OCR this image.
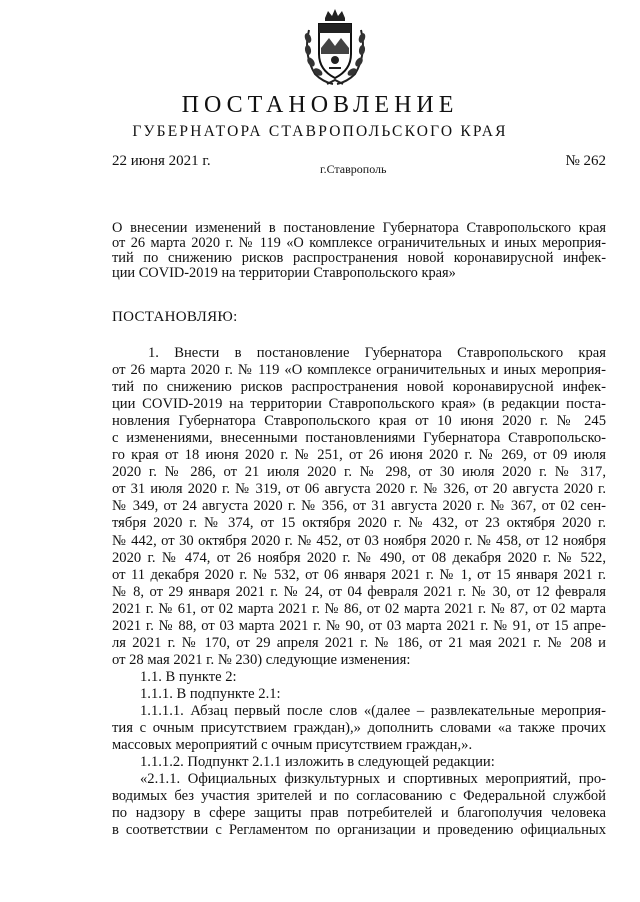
ПОСТАНОВЛЕНИЕ
ГУБЕРНАТОРА СТАВРОПОЛЬСКОГО КРАЯ
22 июня 2021 г.	г.Ставрополь	№ 262
О внесении изменений в постановление Губернатора Ставропольского края
от 26 марта 2020 г. № 119 «О комплексе ограничительных и иных мероприя-
тий по снижению рисков распространения новой коронавирусной инфек-
ции COVID-2019 на территории Ставропольского края»
ПОСТАНОВЛЯЮ:
1. Внести в постановление Губернатора Ставропольского края
от 26 марта 2020 г. № 119 «О комплексе ограничительных и иных мероприя-
тий по снижению рисков распространения новой коронавирусной инфек-
ции COVID-2019 на территории Ставропольского края» (в редакции поста-
новления Губернатора Ставропольского края от 10 июня 2020 г. № 245
с изменениями, внесенными постановлениями Губернатора Ставропольско-
го края от 18 июня 2020 г. № 251, от 26 июня 2020 г. № 269, от 09 июля
2020 г. № 286, от 21 июля 2020 г. № 298, от 30 июля 2020 г. № 317,
от 31 июля 2020 г. № 319, от 06 августа 2020 г. № 326, от 20 августа 2020 г.
№ 349, от 24 августа 2020 г. № 356, от 31 августа 2020 г. № 367, от 02 сен-
тября 2020 г. № 374, от 15 октября 2020 г. № 432, от 23 октября 2020 г.
№ 442, от 30 октября 2020 г. № 452, от 03 ноября 2020 г. № 458, от 12 ноября
2020 г. № 474, от 26 ноября 2020 г. № 490, от 08 декабря 2020 г. № 522,
от 11 декабря 2020 г. № 532, от 06 января 2021 г. № 1, от 15 января 2021 г.
№ 8, от 29 января 2021 г. № 24, от 04 февраля 2021 г. № 30, от 12 февраля
2021 г. № 61, от 02 марта 2021 г. № 86, от 02 марта 2021 г. № 87, от 02 марта
2021 г. № 88, от 03 марта 2021 г. № 90, от 03 марта 2021 г. № 91, от 15 апре-
ля 2021 г. № 170, от 29 апреля 2021 г. № 186, от 21 мая 2021 г. № 208 и
от 28 мая 2021 г. № 230) следующие изменения:
1.1. В пункте 2:
1.1.1. В подпункте 2.1:
1.1.1.1. Абзац первый после слов «(далее – развлекательные мероприя-
тия с очным присутствием граждан),» дополнить словами «а также прочих
массовых мероприятий с очным присутствием граждан,».
1.1.1.2. Подпункт 2.1.1 изложить в следующей редакции:
«2.1.1. Официальных физкультурных и спортивных мероприятий, про-
водимых без участия зрителей и по согласованию с Федеральной службой
по надзору в сфере защиты прав потребителей и благополучия человека
в соответствии с Регламентом по организации и проведению официальных
